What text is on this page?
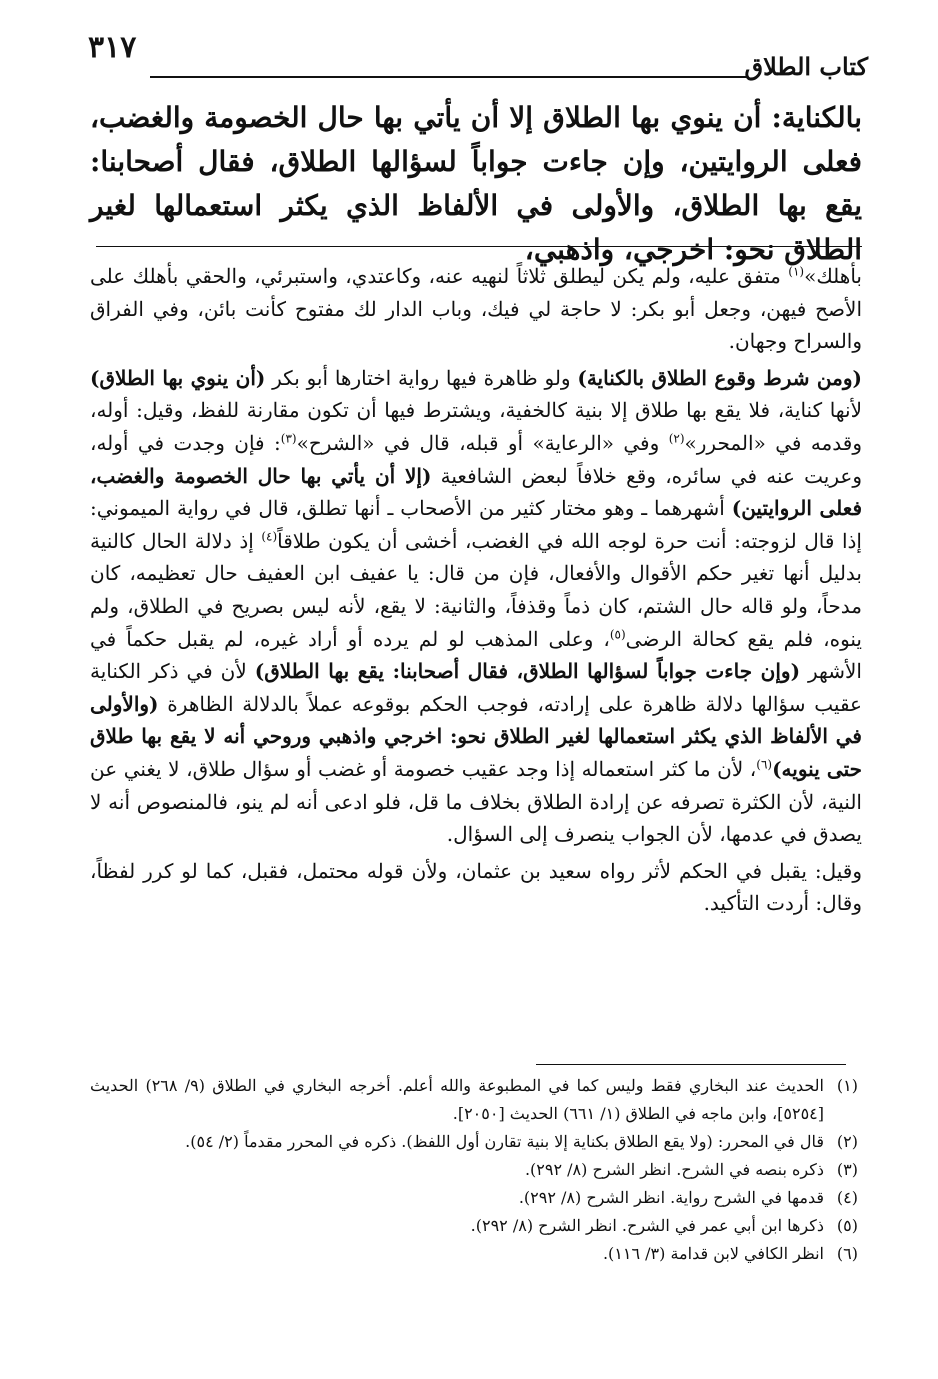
٣١٧
كتاب الطلاق
بالكناية: أن ينوي بها الطلاق إلا أن يأتي بها حال الخصومة والغضب، فعلى الروايتين، وإن جاءت جواباً لسؤالها الطلاق، فقال أصحابنا: يقع بها الطلاق، والأولى في الألفاظ الذي يكثر استعمالها لغير الطلاق نحو: اخرجي، واذهبي،

بأهلك»$^{(١)}$ متفق عليه، ولم يكن ليطلق ثلاثاً لنهيه عنه، وكاعتدي، واستبرئي، والحقي بأهلك على الأصح فيهن، وجعل أبو بكر: لا حاجة لي فيك، وباب الدار لك مفتوح كأنت بائن، وفي الفراق والسراح وجهان.

(ومن شرط وقوع الطلاق بالكناية) ولو ظاهرة فيها رواية اختارها أبو بكر (أن ينوي بها الطلاق) لأنها كناية، فلا يقع بها طلاق إلا بنية كالخفية، ويشترط فيها أن تكون مقارنة للفظ، وقيل: أوله، وقدمه في «المحرر»$^{(٢)}$ وفي «الرعاية» أو قبله، قال في «الشرح»$^{(٣)}$: فإن وجدت في أوله، وعريت عنه في سائره، وقع خلافاً لبعض الشافعية (إلا أن يأتي بها حال الخصومة والغضب، فعلى الروايتين) أشهرهما ـ وهو مختار كثير من الأصحاب ـ أنها تطلق، قال في رواية الميموني: إذا قال لزوجته: أنت حرة لوجه الله في الغضب، أخشى أن يكون طلاقاً$^{(٤)}$ إذ دلالة الحال كالنية بدليل أنها تغير حكم الأقوال والأفعال، فإن من قال: يا عفيف ابن العفيف حال تعظيمه، كان مدحاً، ولو قاله حال الشتم، كان ذماً وقذفاً، والثانية: لا يقع، لأنه ليس بصريح في الطلاق، ولم ينوه، فلم يقع كحالة الرضى$^{(٥)}$، وعلى المذهب لو لم يرده أو أراد غيره، لم يقبل حكماً في الأشهر (وإن جاءت جواباً لسؤالها الطلاق، فقال أصحابنا: يقع بها الطلاق) لأن في ذكر الكناية عقيب سؤالها دلالة ظاهرة على إرادته، فوجب الحكم بوقوعه عملاً بالدلالة الظاهرة (والأولى في الألفاظ الذي يكثر استعمالها لغير الطلاق نحو: اخرجي واذهبي وروحي أنه لا يقع بها طلاق حتى ينويه)$^{(٦)}$، لأن ما كثر استعماله إذا وجد عقيب خصومة أو غضب أو سؤال طلاق، لا يغني عن النية، لأن الكثرة تصرفه عن إرادة الطلاق بخلاف ما قل، فلو ادعى أنه لم ينو، فالمنصوص أنه لا يصدق في عدمها، لأن الجواب ينصرف إلى السؤال.

وقيل: يقبل في الحكم لأثر رواه سعيد بن عثمان، ولأن قوله محتمل، فقبل، كما لو كرر لفظاً، وقال: أردت التأكيد.

(١)
الحديث عند البخاري فقط وليس كما في المطبوعة والله أعلم. أخرجه البخاري في الطلاق (٩/ ٢٦٨) الحديث [٥٢٥٤]، وابن ماجه في الطلاق (١/ ٦٦١) الحديث [٢٠٥٠].
(٢)
قال في المحرر: (ولا يقع الطلاق بكناية إلا بنية تقارن أول اللفظ). ذكره في المحرر مقدماً (٢/ ٥٤).
(٣)
ذكره بنصه في الشرح. انظر الشرح (٨/ ٢٩٢).
(٤)
قدمها في الشرح رواية. انظر الشرح (٨/ ٢٩٢).
(٥)
ذكرها ابن أبي عمر في الشرح. انظر الشرح (٨/ ٢٩٢).
(٦)
انظر الكافي لابن قدامة (٣/ ١١٦).
